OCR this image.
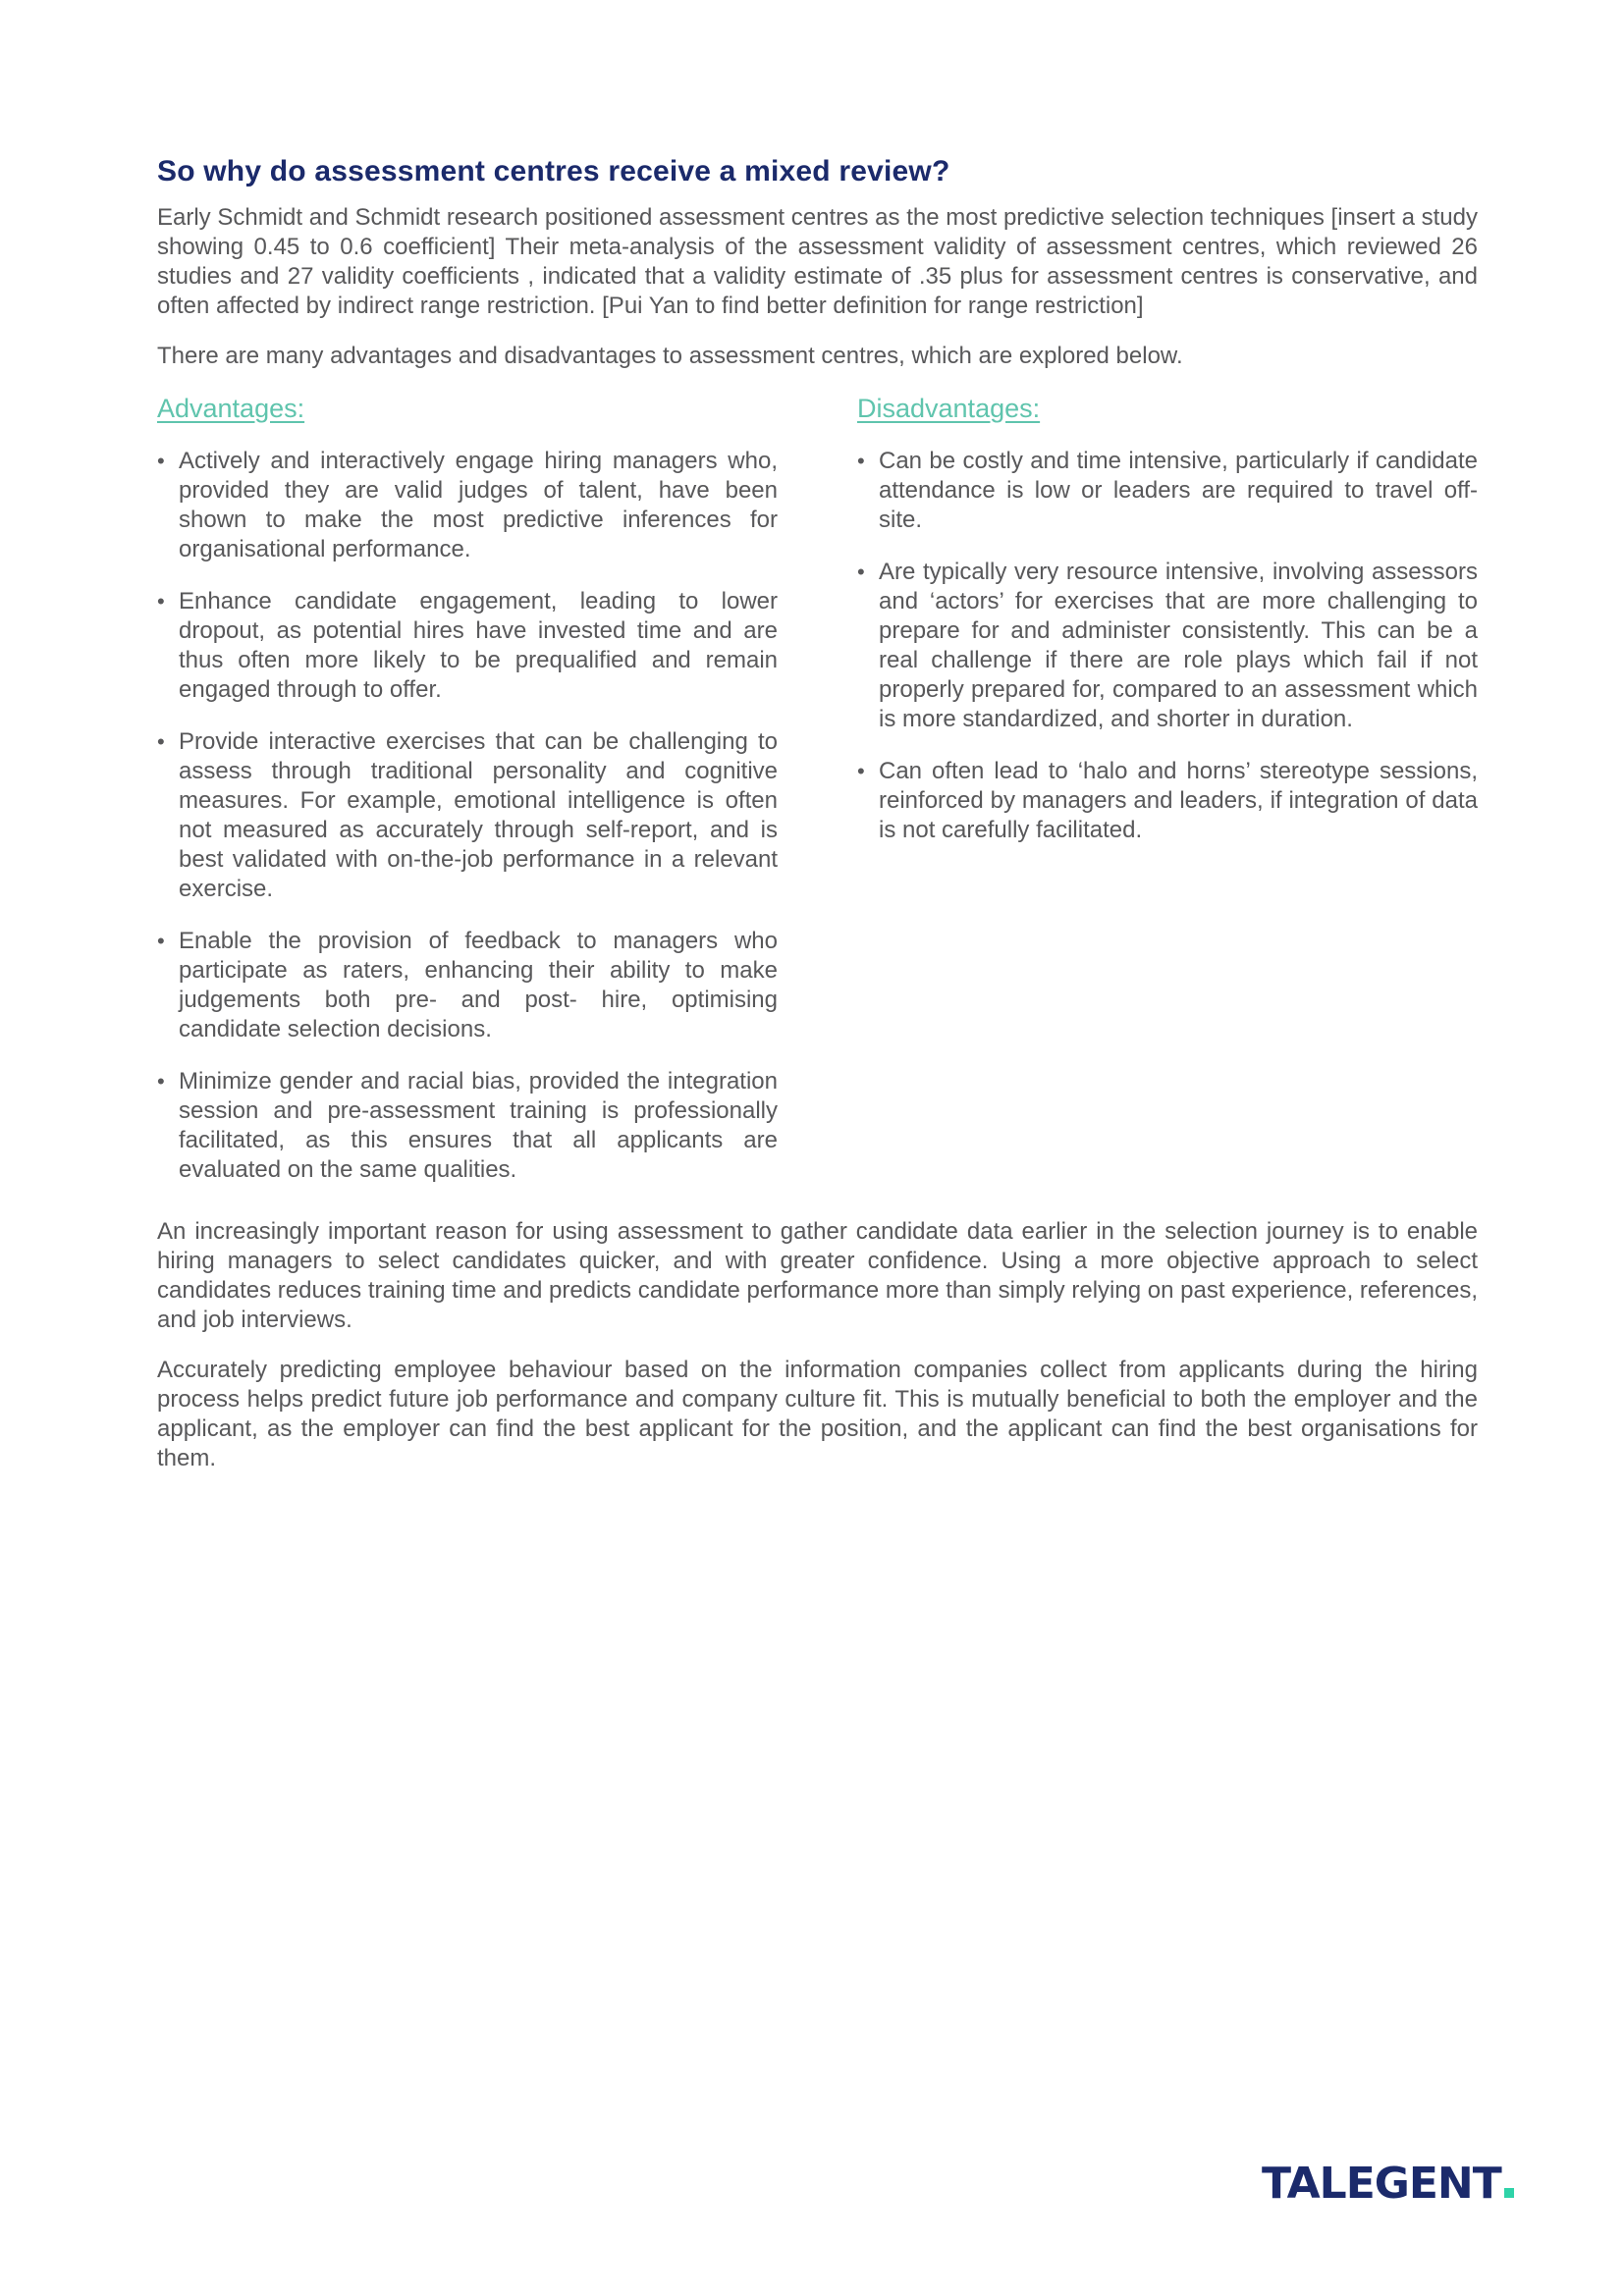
So why do assessment centres receive a mixed review?

Early Schmidt and Schmidt research positioned assessment centres as the most predictive selection techniques [insert a study showing 0.45 to 0.6 coefficient] Their meta-analysis of the assessment validity of assessment centres, which reviewed 26 studies and 27 validity coefficients , indicated that a validity estimate of .35 plus for assessment centres is conservative, and often affected by indirect range restriction. [Pui Yan to find better definition for range restriction]

There are many advantages and disadvantages to assessment centres, which are explored below.

Advantages:
• Actively and interactively engage hiring managers who, provided they are valid judges of talent, have been shown to make the most predictive inferences for organisational performance.
• Enhance candidate engagement, leading to lower dropout, as potential hires have invested time and are thus often more likely to be prequalified and remain engaged through to offer.
• Provide interactive exercises that can be challenging to assess through traditional personality and cognitive measures. For example, emotional intelligence is often not measured as accurately through self-report, and is best validated with on-the-job performance in a relevant exercise.
• Enable the provision of feedback to managers who participate as raters, enhancing their ability to make judgements both pre- and post- hire, optimising candidate selection decisions.
• Minimize gender and racial bias, provided the integration session and pre-assessment training is professionally facilitated, as this ensures that all applicants are evaluated on the same qualities.
Disadvantages:
• Can be costly and time intensive, particularly if candidate attendance is low or leaders are required to travel off-site.
• Are typically very resource intensive, involving assessors and ‘actors’ for exercises that are more challenging to prepare for and administer consistently. This can be a real challenge if there are role plays which fail if not properly prepared for, compared to an assessment which is more standardized, and shorter in duration.
• Can often lead to ‘halo and horns’ stereotype sessions, reinforced by managers and leaders, if integration of data is not carefully facilitated.

An increasingly important reason for using assessment to gather candidate data earlier in the selection journey is to enable hiring managers to select candidates quicker, and with greater confidence. Using a more objective approach to select candidates reduces training time and predicts candidate performance more than simply relying on past experience, references, and job interviews.

Accurately predicting employee behaviour based on the information companies collect from applicants during the hiring process helps predict future job performance and company culture fit. This is mutually beneficial to both the employer and the applicant, as the employer can find the best applicant for the position, and the applicant can find the best organisations for them.

TALEGENT
